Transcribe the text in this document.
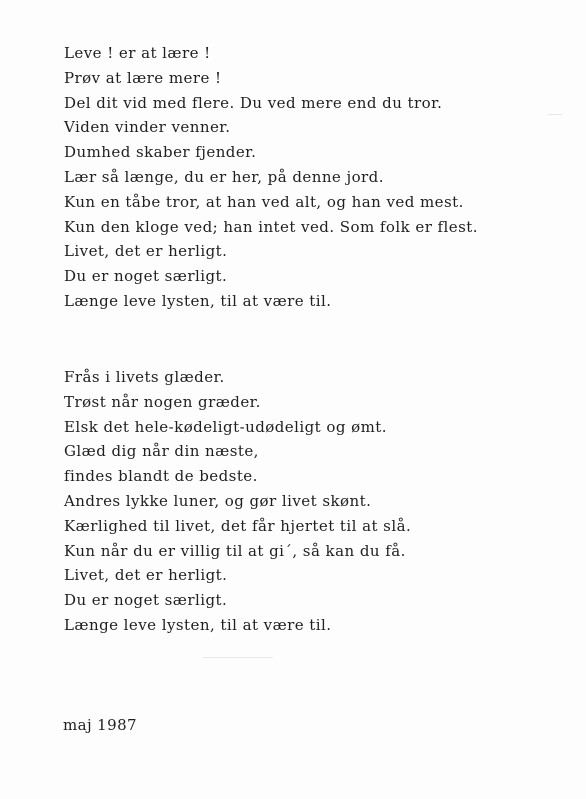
Leve ! er at lære !
Prøv at lære mere !
Del dit vid med flere. Du ved mere end du tror.
Viden vinder venner.
Dumhed skaber fjender.
Lær så længe, du er her, på denne jord.
Kun en tåbe tror, at han ved alt, og han ved mest.
Kun den kloge ved; han intet ved. Som folk er flest.
Livet, det er herligt.
Du er noget særligt.
Længe leve lysten, til at være til.
Frås i livets glæder.
Trøst når nogen græder.
Elsk det hele-kødeligt-udødeligt og ømt.
Glæd dig når din næste,
findes blandt de bedste.
Andres lykke luner, og gør livet skønt.
Kærlighed til livet, det får hjertet til at slå.
Kun når du er villig til at gi´, så kan du få.
Livet, det er herligt.
Du er noget særligt.
Længe leve lysten, til at være til.
maj 1987
